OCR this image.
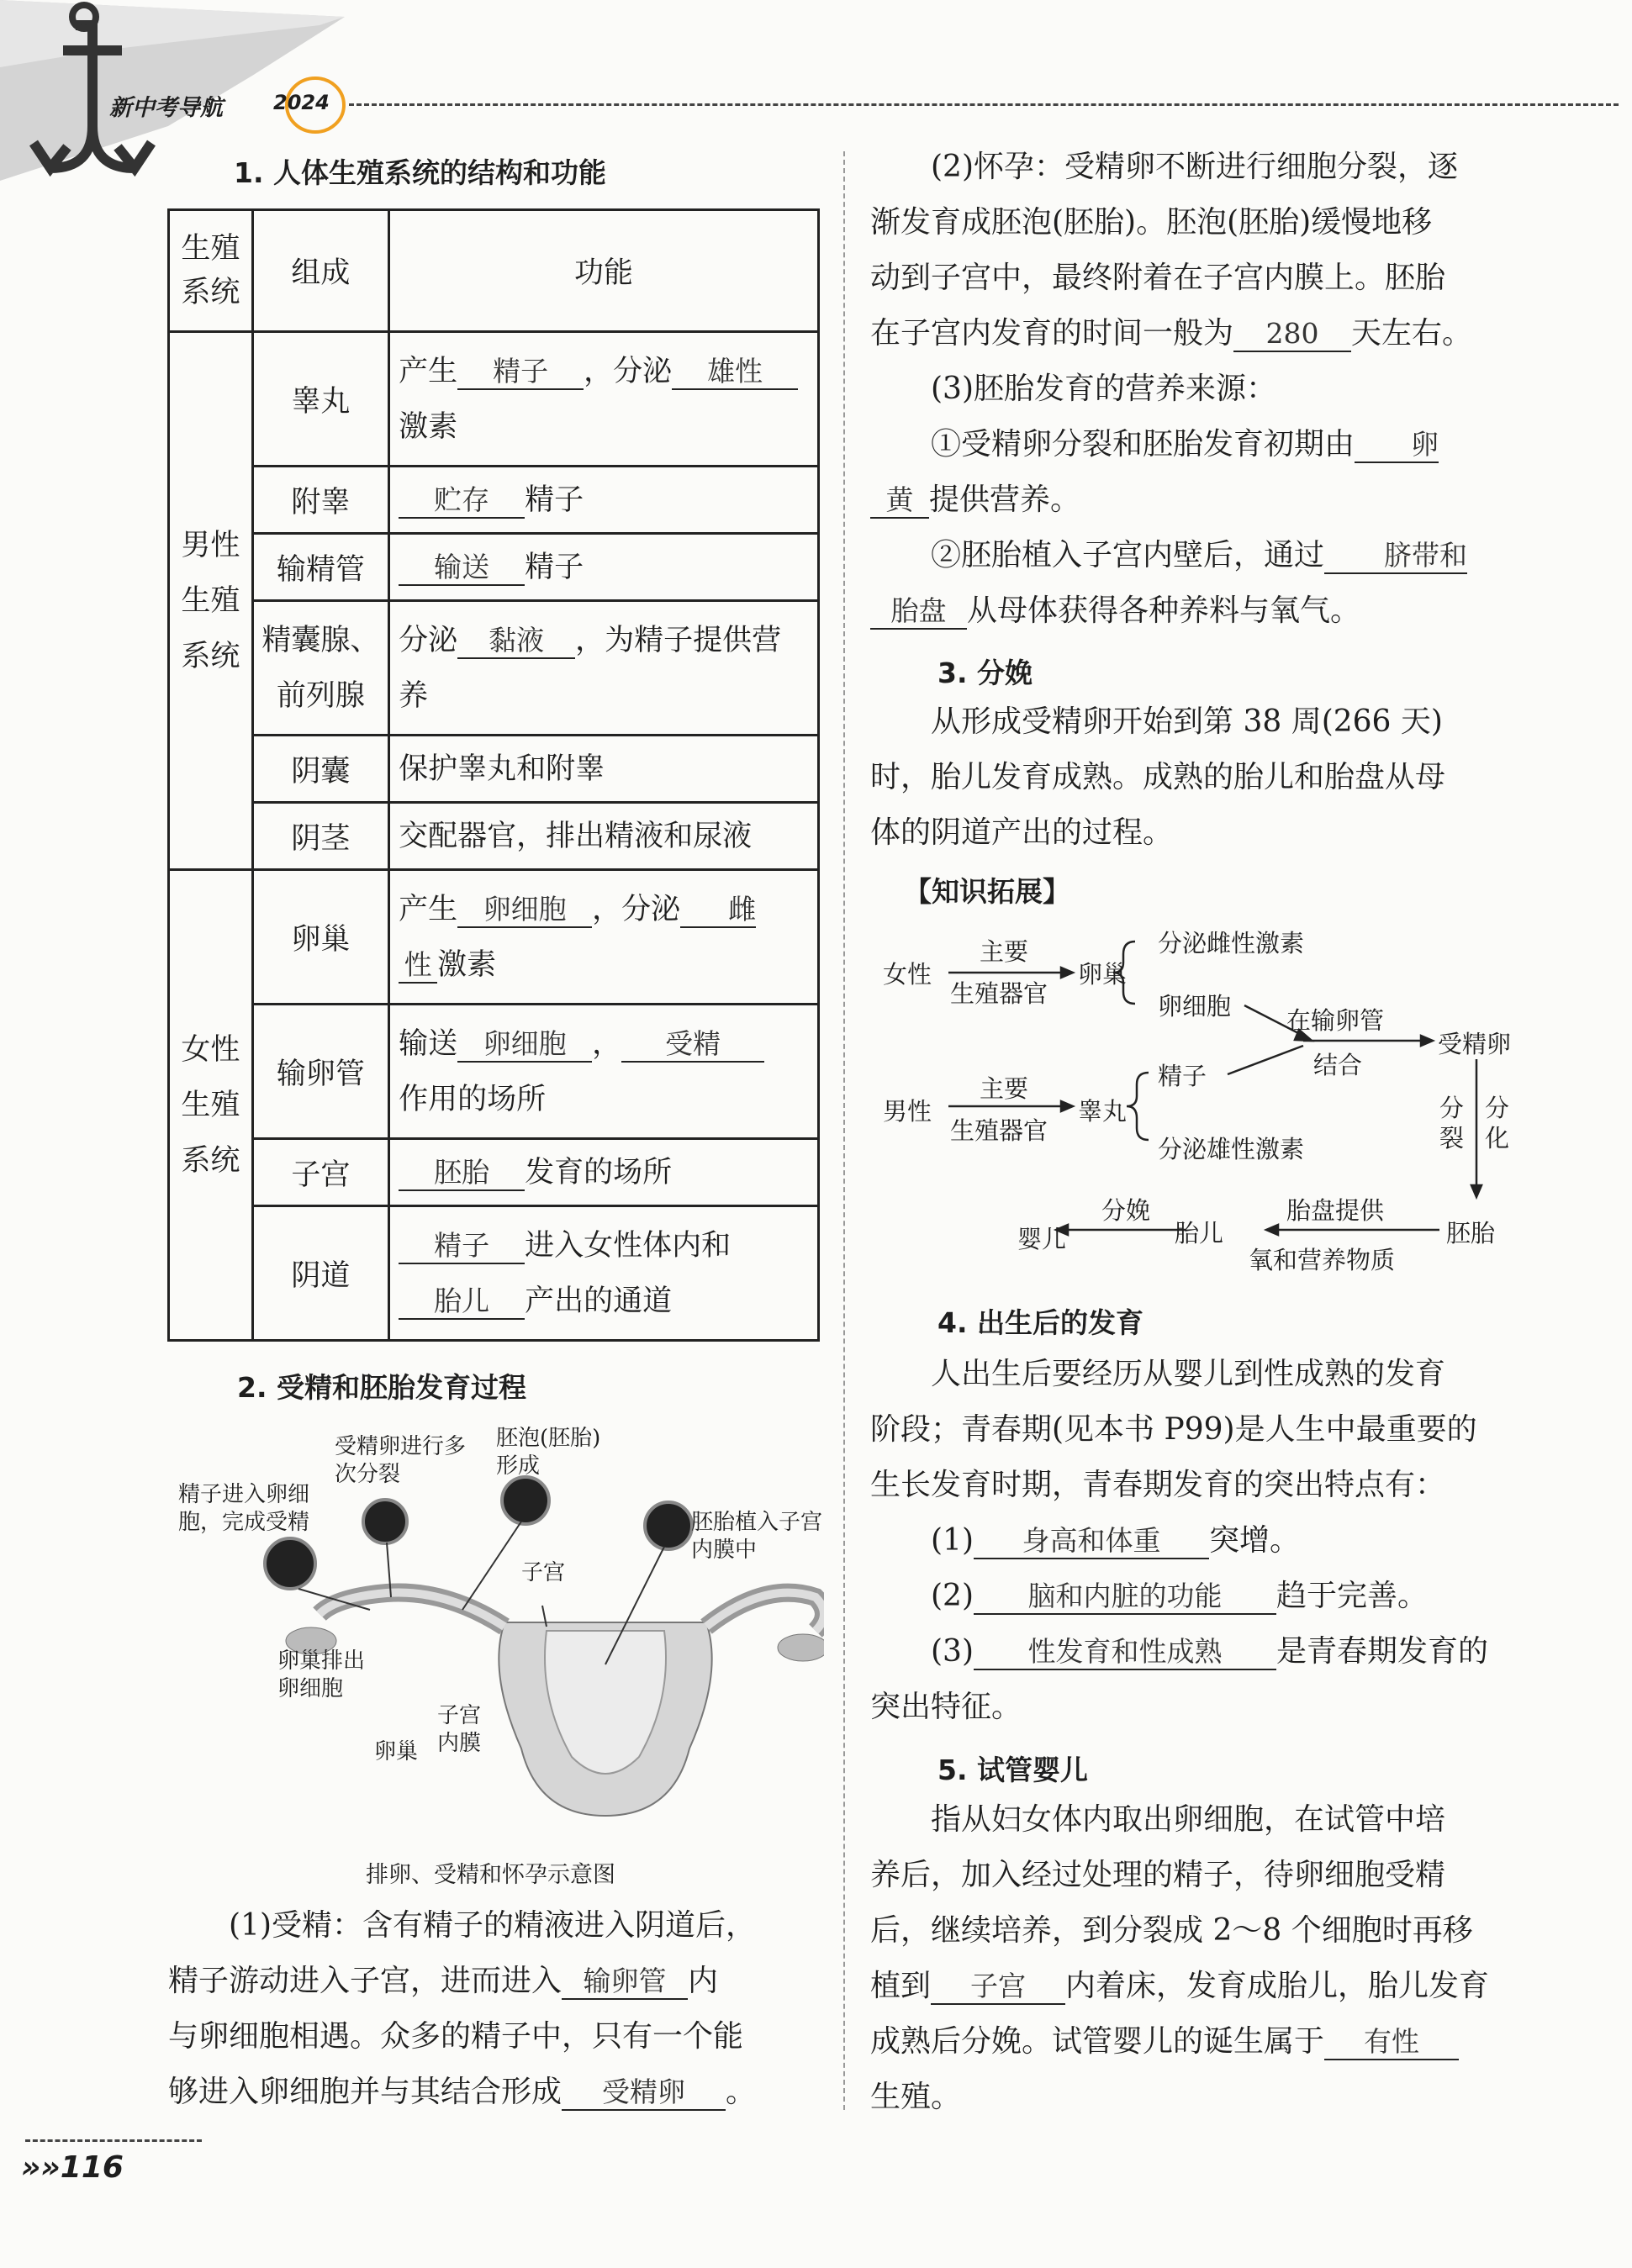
新中考导航	2024
1. 人体生殖系统的结构和功能
生殖系统	组成	功能
男性生殖系统	睾丸	产生 精子 ，分泌 雄性
激素
	附睾	贮存 精子
	输精管	输送 精子
	精囊腺、前列腺	分泌 黏液 ，为精子提供营养
	阴囊	保护睾丸和附睾
	阴茎	交配器官，排出精液和尿液
女性生殖系统	卵巢	产生 卵细胞 ，分泌 雌
性 激素
	输卵管	输送 卵细胞 ， 受精
作用的场所
	子宫	胚胎 发育的场所
	阴道	精子 进入女性体内和
胎儿 产出的通道
2. 受精和胚胎发育过程
精子进入卵细胞，完成受精
受精卵进行多次分裂
胚泡(胚胎)形成
胚胎植入子宫内膜中
子宫
卵巢排出卵细胞
子宫内膜
卵巢
排卵、受精和怀孕示意图
(1)受精：含有精子的精液进入阴道后，
精子游动进入子宫，进而进入 输卵管 内
与卵细胞相遇。众多的精子中，只有一个能
够进入卵细胞并与其结合形成 受精卵 。
(2)怀孕：受精卵不断进行细胞分裂，逐
渐发育成胚泡(胚胎)。胚泡(胚胎)缓慢地移
动到子宫中，最终附着在子宫内膜上。胚胎
在子宫内发育的时间一般为 280 天左右。
(3)胚胎发育的营养来源：
①受精卵分裂和胚胎发育初期由 卵
黄 提供营养。
②胚胎植入子宫内壁后，通过 脐带和
胎盘 从母体获得各种养料与氧气。
3. 分娩
从形成受精卵开始到第 38 周(266 天)
时，胎儿发育成熟。成熟的胎儿和胎盘从母
体的阴道产出的过程。
【知识拓展】
女性
主要
生殖器官
卵巢
分泌雌性激素
卵细胞 在输卵管
结合
受精卵
男性
主要
生殖器官
睾丸
精子
分泌雄性激素
分裂
分化
胚胎
胎盘提供
氧和营养物质
胎儿
分娩
婴儿
4. 出生后的发育
人出生后要经历从婴儿到性成熟的发育
阶段；青春期(见本书 P99)是人生中最重要的
生长发育时期，青春期发育的突出特点有：
(1) 身高和体重 突增。
(2) 脑和内脏的功能 趋于完善。
(3) 性发育和性成熟 是青春期发育的
突出特征。
5. 试管婴儿
指从妇女体内取出卵细胞，在试管中培
养后，加入经过处理的精子，待卵细胞受精
后，继续培养，到分裂成 2～8 个细胞时再移
植到 子宫 内着床，发育成胎儿，胎儿发育
成熟后分娩。试管婴儿的诞生属于 有性
生殖。
»»116
